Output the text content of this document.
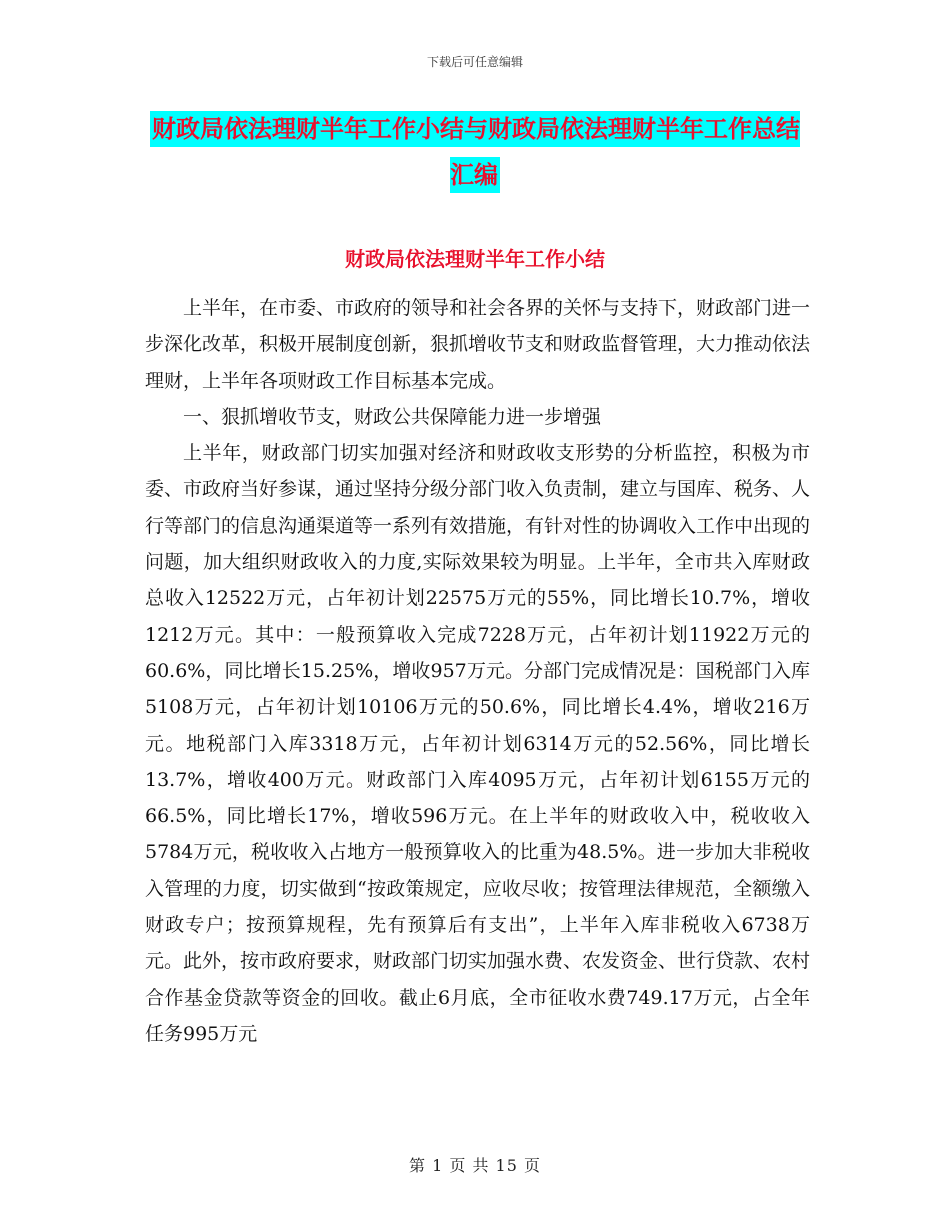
下载后可任意编辑
财政局依法理财半年工作小结与财政局依法理财半年工作总结汇编
财政局依法理财半年工作小结

上半年，在市委、市政府的领导和社会各界的关怀与支持下，财政部门进一步深化改革，积极开展制度创新，狠抓增收节支和财政监督管理，大力推动依法理财，上半年各项财政工作目标基本完成。

一、狠抓增收节支，财政公共保障能力进一步增强

上半年，财政部门切实加强对经济和财政收支形势的分析监控，积极为市委、市政府当好参谋，通过坚持分级分部门收入负责制，建立与国库、税务、人行等部门的信息沟通渠道等一系列有效措施，有针对性的协调收入工作中出现的问题，加大组织财政收入的力度,实际效果较为明显。上半年，全市共入库财政总收入12522万元，占年初计划22575万元的55%，同比增长10.7%，增收1212万元。其中：一般预算收入完成7228万元，占年初计划11922万元的60.6%，同比增长15.25%，增收957万元。分部门完成情况是：国税部门入库5108万元，占年初计划10106万元的50.6%，同比增长4.4%，增收216万元。地税部门入库3318万元，占年初计划6314万元的52.56%，同比增长13.7%，增收400万元。财政部门入库4095万元，占年初计划6155万元的66.5%，同比增长17%，增收596万元。在上半年的财政收入中，税收收入5784万元，税收收入占地方一般预算收入的比重为48.5%。进一步加大非税收入管理的力度，切实做到“按政策规定，应收尽收；按管理法律规范，全额缴入财政专户；按预算规程，先有预算后有支出”，上半年入库非税收入6738万元。此外，按市政府要求，财政部门切实加强水费、农发资金、世行贷款、农村合作基金贷款等资金的回收。截止6月底，全市征收水费749.17万元，占全年任务995万元

第 1 页 共 15 页
